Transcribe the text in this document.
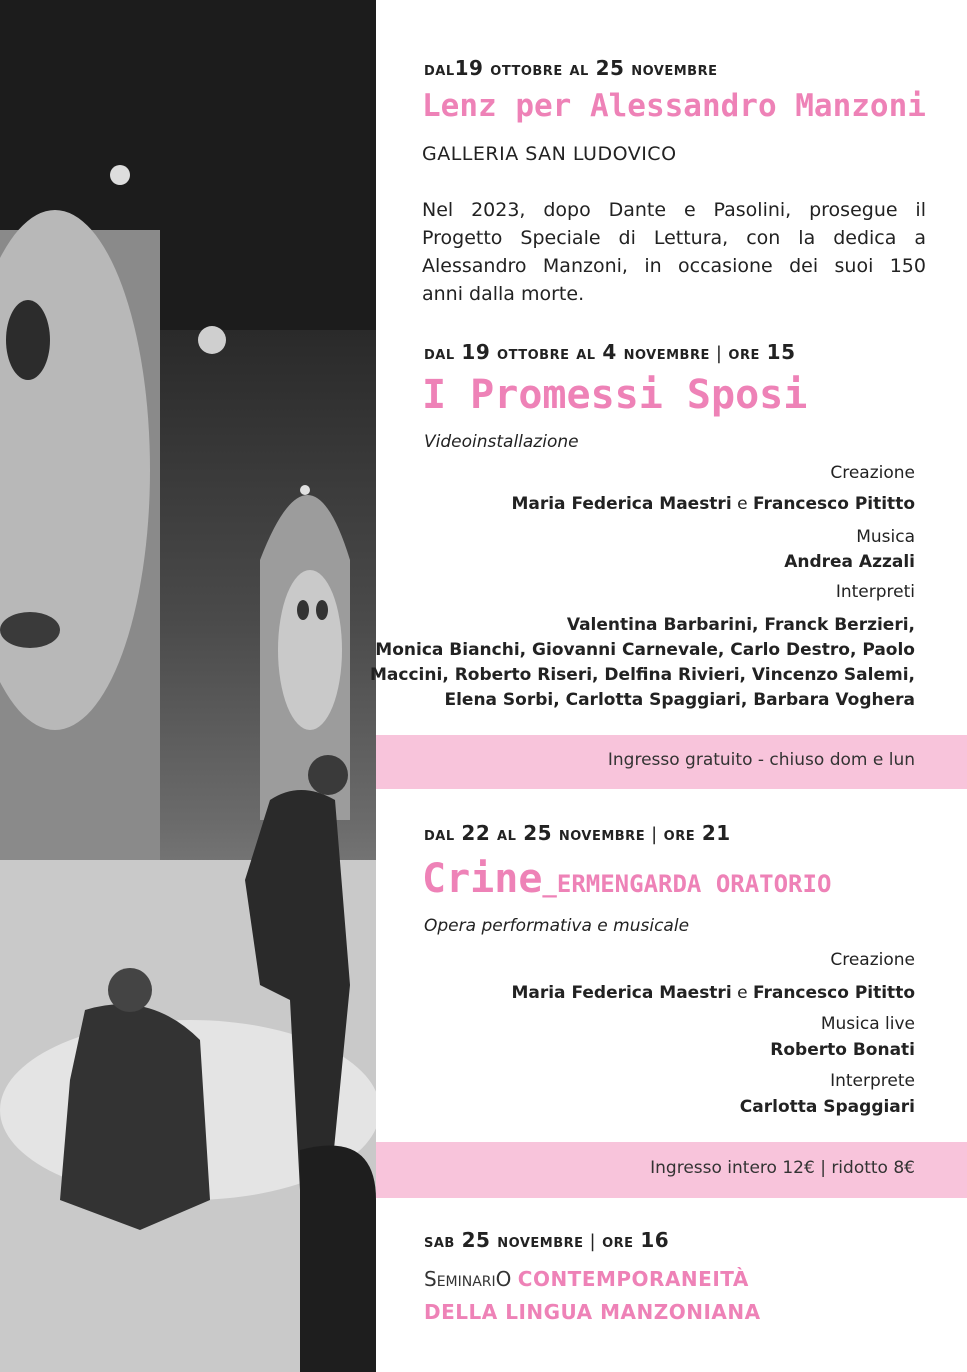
dal19 ottobre al 25 novembre
Lenz per Alessandro Manzoni
GALLERIA SAN LUDOVICO
Nel 2023, dopo Dante e Pasolini, prosegue il
Progetto Speciale di Lettura, con la dedica a
Alessandro Manzoni, in occasione dei suoi 150
anni dalla morte.
dal 19 ottobre al 4 novembre | ore 15
I Promessi Sposi
Videoinstallazione
Creazione
Maria Federica Maestri e Francesco Pititto
Musica
Andrea Azzali
Interpreti
Valentina Barbarini, Franck Berzieri,
Monica Bianchi, Giovanni Carnevale, Carlo Destro, Paolo
Maccini, Roberto Riseri, Delfina Rivieri, Vincenzo Salemi,
Elena Sorbi, Carlotta Spaggiari, Barbara Voghera
Ingresso gratuito - chiuso dom e lun
dal 22 al 25 novembre | ore 21
Crine_ERMENGARDA ORATORIO
Opera performativa e musicale
Creazione
Maria Federica Maestri e Francesco Pititto
Musica live
Roberto Bonati
Interprete
Carlotta Spaggiari
Ingresso intero 12€ | ridotto 8€
sab 25 novembre | ore 16
SeminariO CONTEMPORANEITÀ
DELLA LINGUA MANZONIANA
